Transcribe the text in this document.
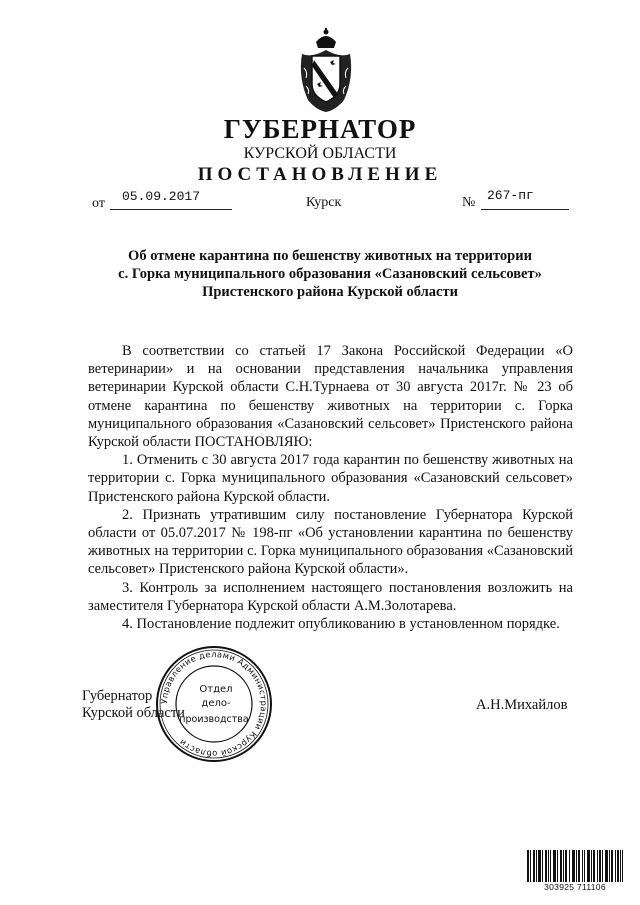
ГУБЕРНАТОР
КУРСКОЙ ОБЛАСТИ
ПОСТАНОВЛЕНИЕ
от 05.09.2017	Курск	№ 267-пг
Об отмене карантина по бешенству животных на территории
с. Горка муниципального образования «Сазановский сельсовет»
Пристенского района Курской области

В соответствии со статьей 17 Закона Российской Федерации «О ветеринарии» и на основании представления начальника управления ветеринарии Курской области С.Н.Турнаева от 30 августа 2017г. № 23 об отмене карантина по бешенству животных на территории с. Горка муниципального образования «Сазановский сельсовет» Пристенского района Курской области ПОСТАНОВЛЯЮ:

1. Отменить с 30 августа 2017 года карантин по бешенству животных на территории с. Горка муниципального образования «Сазановский сельсовет» Пристенского района Курской области.

2. Признать утратившим силу постановление Губернатора Курской области от 05.07.2017 № 198-пг «Об установлении карантина по бешенству животных на территории с. Горка муниципального образования «Сазановский сельсовет» Пристенского района Курской области».

3. Контроль за исполнением настоящего постановления возложить на заместителя Губернатора Курской области А.М.Золотарева.

4. Постановление подлежит опубликованию в установленном порядке.

Губернатор
Курской области	А.Н.Михайлов
Управление делами Администрации Курской области
Отдел
дело-
производства
303925 711106
